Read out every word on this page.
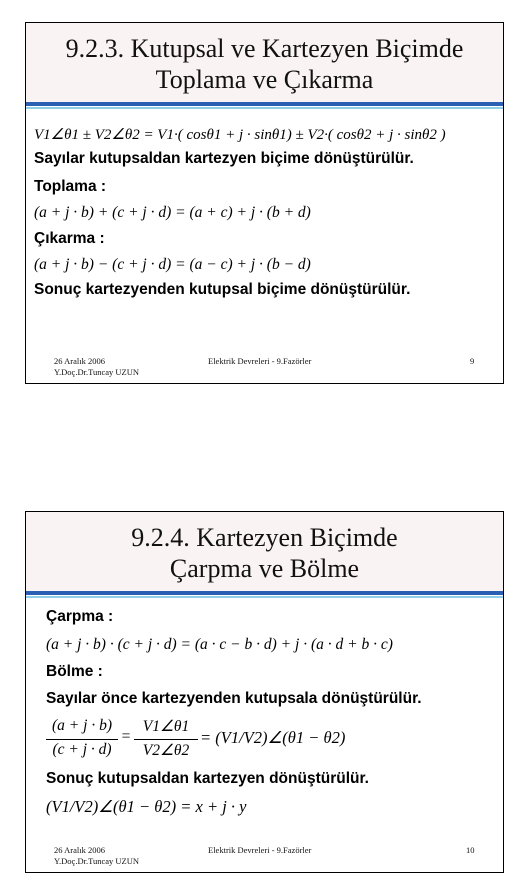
9.2.3. Kutupsal ve Kartezyen Biçimde
Toplama ve Çıkarma
V1∠θ1 ± V2∠θ2 = V1·( cosθ1 + j · sinθ1) ± V2·( cosθ2 + j · sinθ2 )
Sayılar kutupsaldan kartezyen biçime dönüştürülür.
Toplama :
(a + j · b) + (c + j · d) = (a + c) + j · (b + d)
Çıkarma :
(a + j · b) − (c + j · d) = (a − c) + j · (b − d)
Sonuç kartezyenden kutupsal biçime dönüştürülür.
26 Aralık 2006
Y.Doç.Dr.Tuncay UZUN
Elektrik Devreleri - 9.Fazörler	9
9.2.4. Kartezyen Biçimde
Çarpma ve Bölme
Çarpma :
(a + j · b) · (c + j · d) = (a · c − b · d) + j · (a · d + b · c)
Bölme :
Sayılar önce kartezyenden kutupsala dönüştürülür.
(a + j · b)
(c + j · d)
=
V1∠θ1
V2∠θ2
= (V1/V2)∠(θ1 − θ2)
Sonuç kutupsaldan kartezyen dönüştürülür.
(V1/V2)∠(θ1 − θ2) = x + j · y
26 Aralık 2006
Y.Doç.Dr.Tuncay UZUN
Elektrik Devreleri - 9.Fazörler	10
